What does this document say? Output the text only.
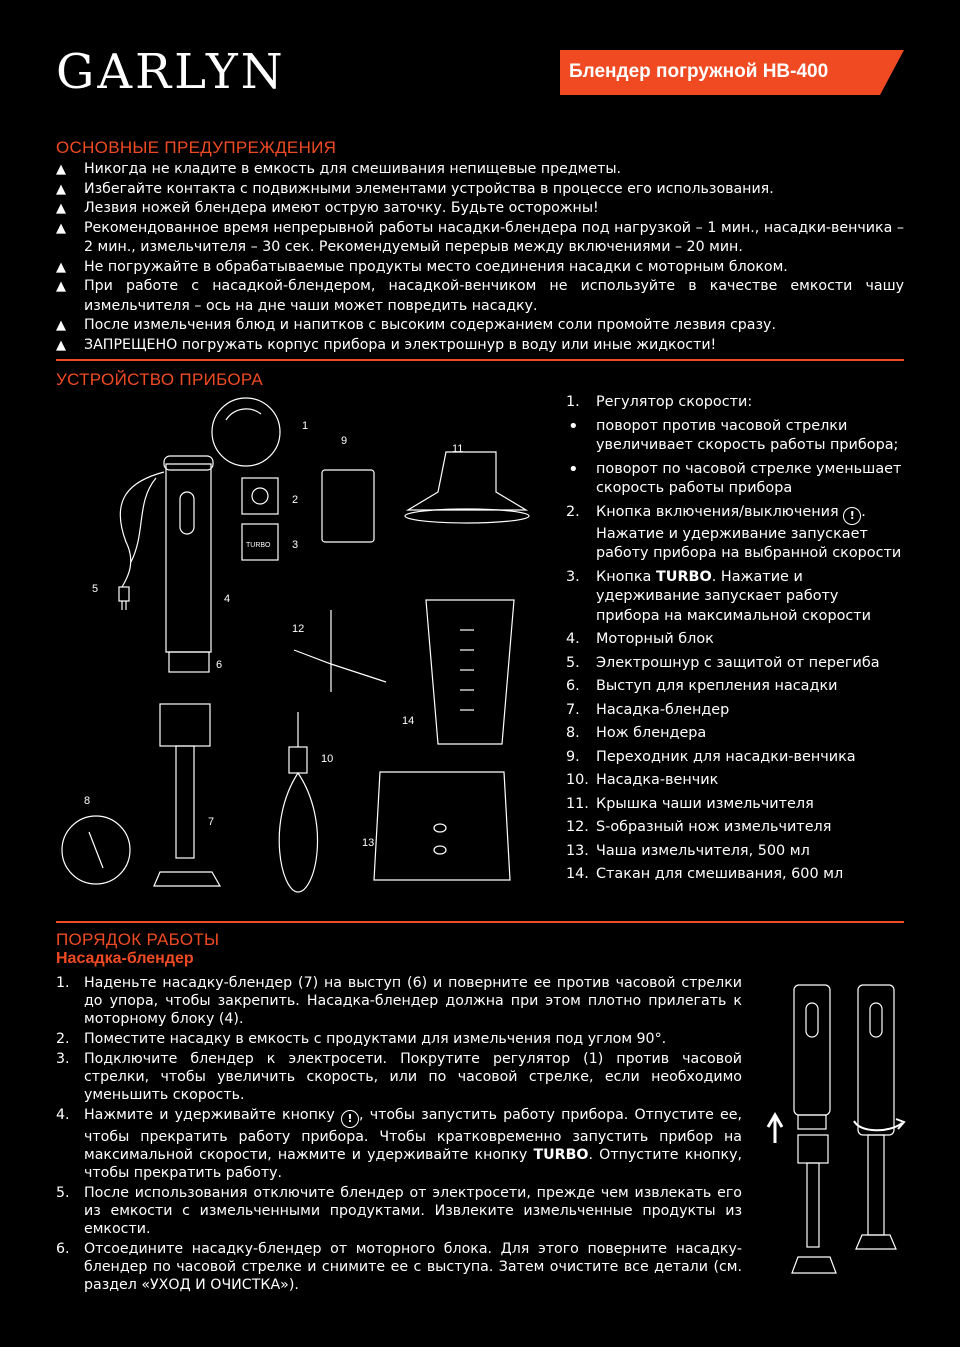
GARLYN	Блендер погружной HB-400
ОСНОВНЫЕ ПРЕДУПРЕЖДЕНИЯ
▲ Никогда не кладите в емкость для смешивания непищевые предметы.
▲ Избегайте контакта с подвижными элементами устройства в процессе его использования.
▲ Лезвия ножей блендера имеют острую заточку. Будьте осторожны!
▲ Рекомендованное время непрерывной работы насадки-блендера под нагрузкой – 1 мин., насадки-венчика – 2 мин., измельчителя – 30 сек. Рекомендуемый перерыв между включениями – 20 мин.
▲ Не погружайте в обрабатываемые продукты место соединения насадки с моторным блоком.
▲ При работе с насадкой-блендером, насадкой-венчиком не используйте в качестве емкости чашу измельчителя – ось на дне чаши может повредить насадку.
▲ После измельчения блюд и напитков с высоким содержанием соли промойте лезвия сразу.
▲ ЗАПРЕЩЕНО погружать корпус прибора и электрошнур в воду или иные жидкости!
УСТРОЙСТВО ПРИБОРА
1
2
3
TURBO
4
5
6
7
8
9
10
11
12
13
14
1. Регулятор скорости:
• поворот против часовой стрелки увеличивает скорость работы прибора;
• поворот по часовой стрелке уменьшает скорость работы прибора
2. Кнопка включения/выключения ! . Нажатие и удерживание запускает работу прибора на выбранной скорости
3. Кнопка TURBO. Нажатие и удерживание запускает работу прибора на максимальной скорости
4. Моторный блок
5. Электрошнур с защитой от перегиба
6. Выступ для крепления насадки
7. Насадка-блендер
8. Нож блендера
9. Переходник для насадки-венчика
10. Насадка-венчик
11. Крышка чаши измельчителя
12. S-образный нож измельчителя
13. Чаша измельчителя, 500 мл
14. Стакан для смешивания, 600 мл
ПОРЯДОК РАБОТЫ
Насадка-блендер
1. Наденьте насадку-блендер (7) на выступ (6) и поверните ее против часовой стрелки до упора, чтобы закрепить. Насадка-блендер должна при этом плотно прилегать к моторному блоку (4).
2. Поместите насадку в емкость с продуктами для измельчения под углом 90°.
3. Подключите блендер к электросети. Покрутите регулятор (1) против часовой стрелки, чтобы увеличить скорость, или по часовой стрелке, если необходимо уменьшить скорость.
4. Нажмите и удерживайте кнопку ! , чтобы запустить работу прибора. Отпустите ее, чтобы прекратить работу прибора. Чтобы кратковременно запустить прибор на максимальной скорости, нажмите и удерживайте кнопку TURBO. Отпустите кнопку, чтобы прекратить работу.
5. После использования отключите блендер от электросети, прежде чем извлекать его из емкости с измельченными продуктами. Извлеките измельченные продукты из емкости.
6. Отсоедините насадку-блендер от моторного блока. Для этого поверните насадку-блендер по часовой стрелке и снимите ее с выступа. Затем очистите все детали (см. раздел «УХОД И ОЧИСТКА»).
